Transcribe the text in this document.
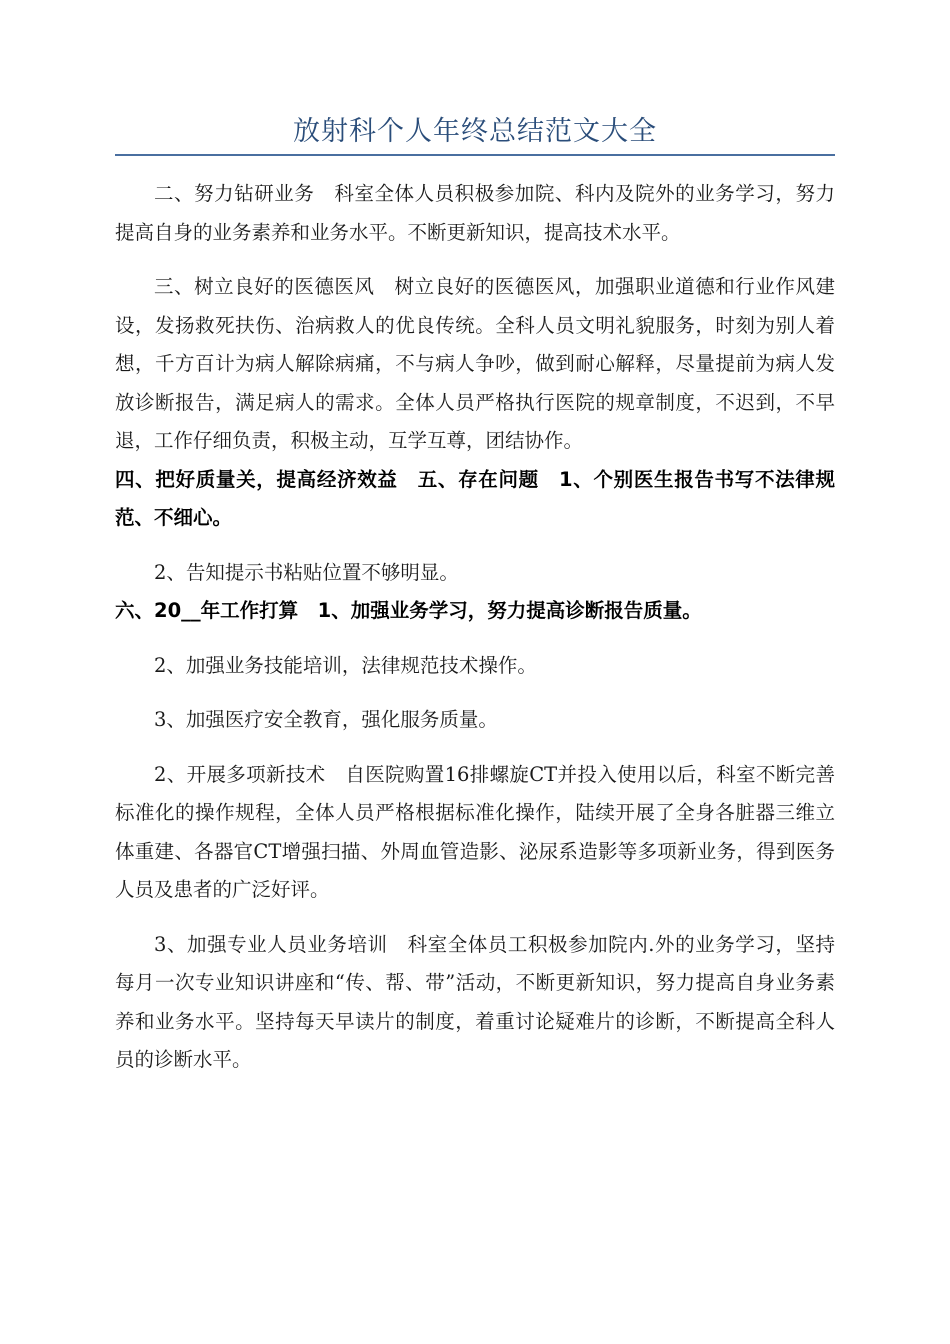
放射科个人年终总结范文大全

二、努力钻研业务　科室全体人员积极参加院、科内及院外的业务学习，努力提高自身的业务素养和业务水平。不断更新知识，提高技术水平。

三、树立良好的医德医风　树立良好的医德医风，加强职业道德和行业作风建设，发扬救死扶伤、治病救人的优良传统。全科人员文明礼貌服务，时刻为别人着想，千方百计为病人解除病痛，不与病人争吵，做到耐心解释，尽量提前为病人发放诊断报告，满足病人的需求。全体人员严格执行医院的规章制度，不迟到，不早退，工作仔细负责，积极主动，互学互尊，团结协作。

四、把好质量关，提高经济效益　五、存在问题　1、个别医生报告书写不法律规范、不细心。

2、告知提示书粘贴位置不够明显。

六、20__年工作打算　1、加强业务学习，努力提高诊断报告质量。

2、加强业务技能培训，法律规范技术操作。

3、加强医疗安全教育，强化服务质量。

2、开展多项新技术　自医院购置16排螺旋CT并投入使用以后，科室不断完善标准化的操作规程，全体人员严格根据标准化操作，陆续开展了全身各脏器三维立体重建、各器官CT增强扫描、外周血管造影、泌尿系造影等多项新业务，得到医务人员及患者的广泛好评。

3、加强专业人员业务培训　科室全体员工积极参加院内.外的业务学习，坚持每月一次专业知识讲座和“传、帮、带”活动，不断更新知识，努力提高自身业务素养和业务水平。坚持每天早读片的制度，着重讨论疑难片的诊断，不断提高全科人员的诊断水平。
